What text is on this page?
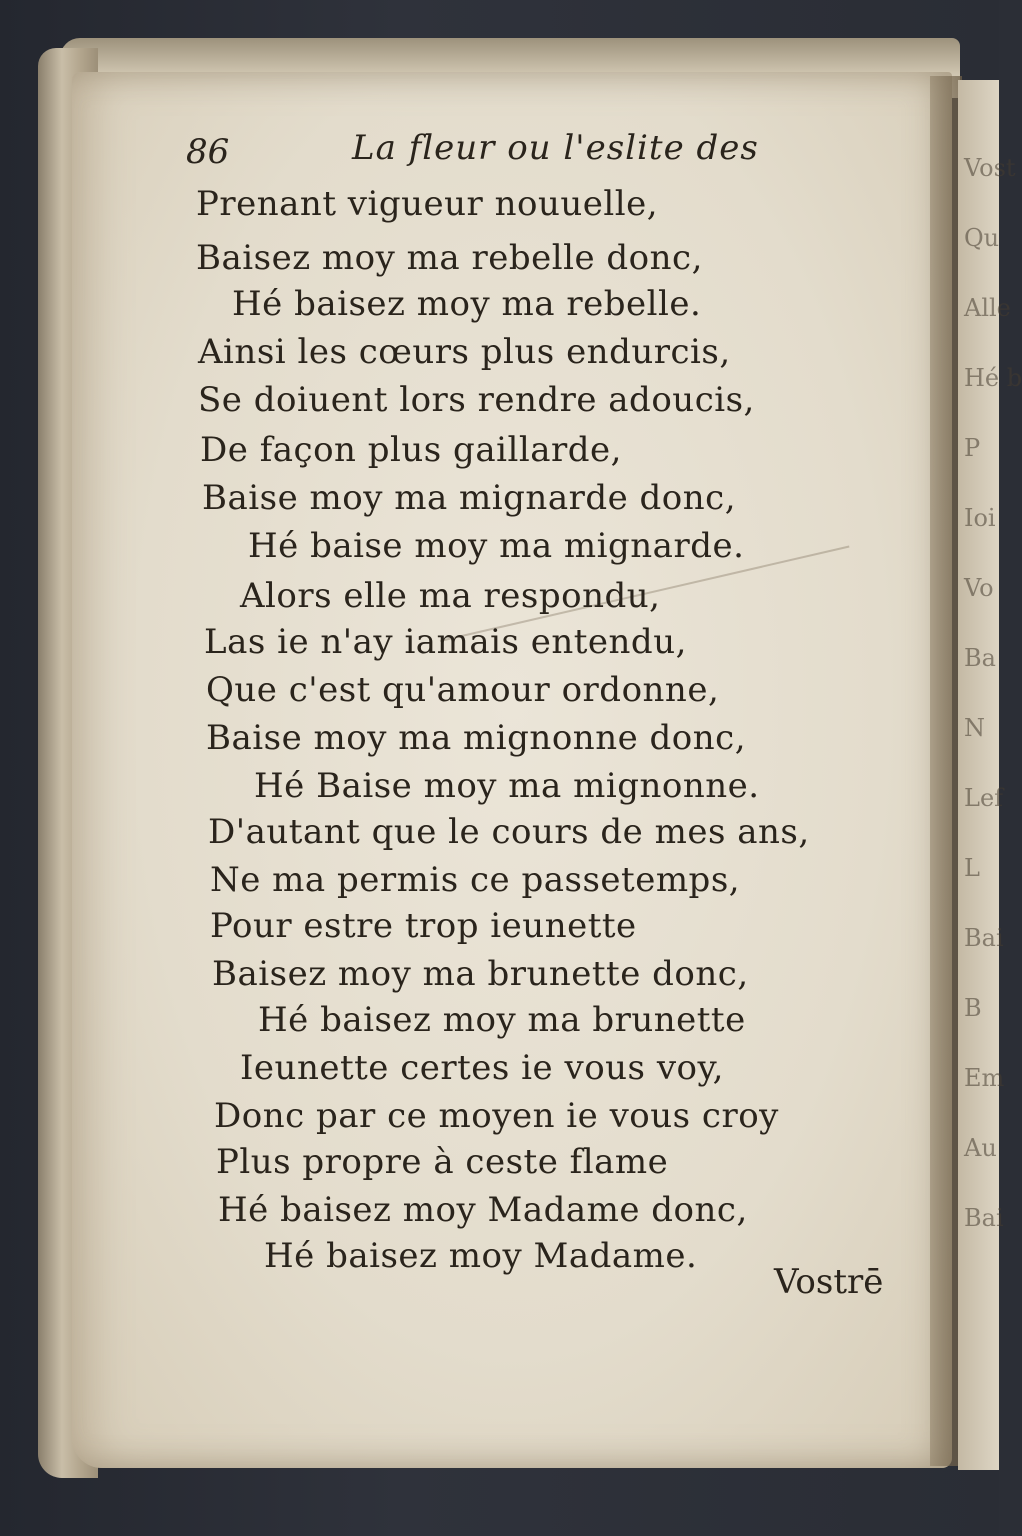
Vost
Qu
Alle
Hé b
P
Ioi
Vo
Ba
N
Lef
L
Bai
B
Em
Au
Bai
86	La fleur ou l'eslite des
Prenant vigueur nouuelle,
Baisez moy ma rebelle donc,
Hé baisez moy ma rebelle.
Ainsi les cœurs plus endurcis,
Se doiuent lors rendre adoucis,
De façon plus gaillarde,
Baise moy ma mignarde donc,
Hé baise moy ma mignarde.
Alors elle ma respondu,
Las ie n'ay iamais entendu,
Que c'est qu'amour ordonne,
Baise moy ma mignonne donc,
Hé Baise moy ma mignonne.
D'autant que le cours de mes ans,
Ne ma permis ce passetemps,
Pour estre trop ieunette
Baisez moy ma brunette donc,
Hé baisez moy ma brunette
Ieunette certes ie vous voy,
Donc par ce moyen ie vous croy
Plus propre à ceste flame
Hé baisez moy Madame donc,
Hé baisez moy Madame.
Vostrē
